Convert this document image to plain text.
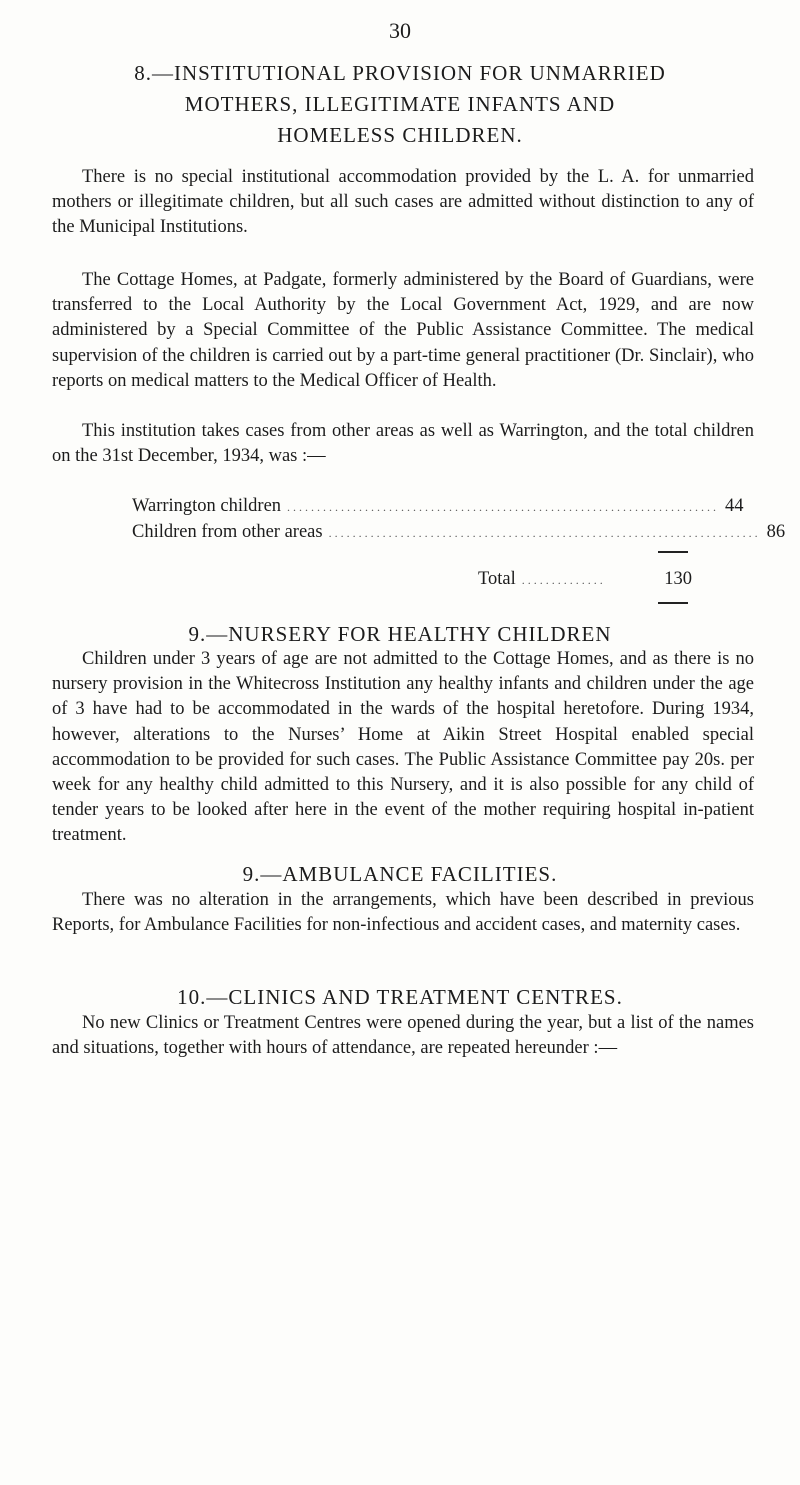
30
8.—INSTITUTIONAL PROVISION FOR UNMARRIED
MOTHERS, ILLEGITIMATE INFANTS AND
HOMELESS CHILDREN.
There is no special institutional accommodation provided by the L. A. for unmarried mothers or illegitimate children, but all such cases are admitted without distinction to any of the Municipal Institutions.
The Cottage Homes, at Padgate, formerly administered by the Board of Guardians, were transferred to the Local Authority by the Local Government Act, 1929, and are now administered by a Special Committee of the Public Assistance Committee. The medical supervision of the children is carried out by a part-time general practitioner (Dr. Sinclair), who reports on medical matters to the Medical Officer of Health.
This institution takes cases from other areas as well as Warrington, and the total children on the 31st December, 1934, was :—
Warrington children ........................................................................ 44
Children from other areas ........................................................................ 86
Total ..............	130
9.—NURSERY FOR HEALTHY CHILDREN
Children under 3 years of age are not admitted to the Cottage Homes, and as there is no nursery provision in the Whitecross Institution any healthy infants and children under the age of 3 have had to be accommodated in the wards of the hospital heretofore. During 1934, however, alterations to the Nurses’ Home at Aikin Street Hospital enabled special accommodation to be provided for such cases. The Public Assistance Committee pay 20s. per week for any healthy child admitted to this Nursery, and it is also possible for any child of tender years to be looked after here in the event of the mother requiring hospital in-patient treatment.
9.—AMBULANCE FACILITIES.
There was no alteration in the arrangements, which have been described in previous Reports, for Ambulance Facilities for non-infectious and accident cases, and maternity cases.
10.—CLINICS AND TREATMENT CENTRES.
No new Clinics or Treatment Centres were opened during the year, but a list of the names and situations, together with hours of attendance, are repeated hereunder :—
